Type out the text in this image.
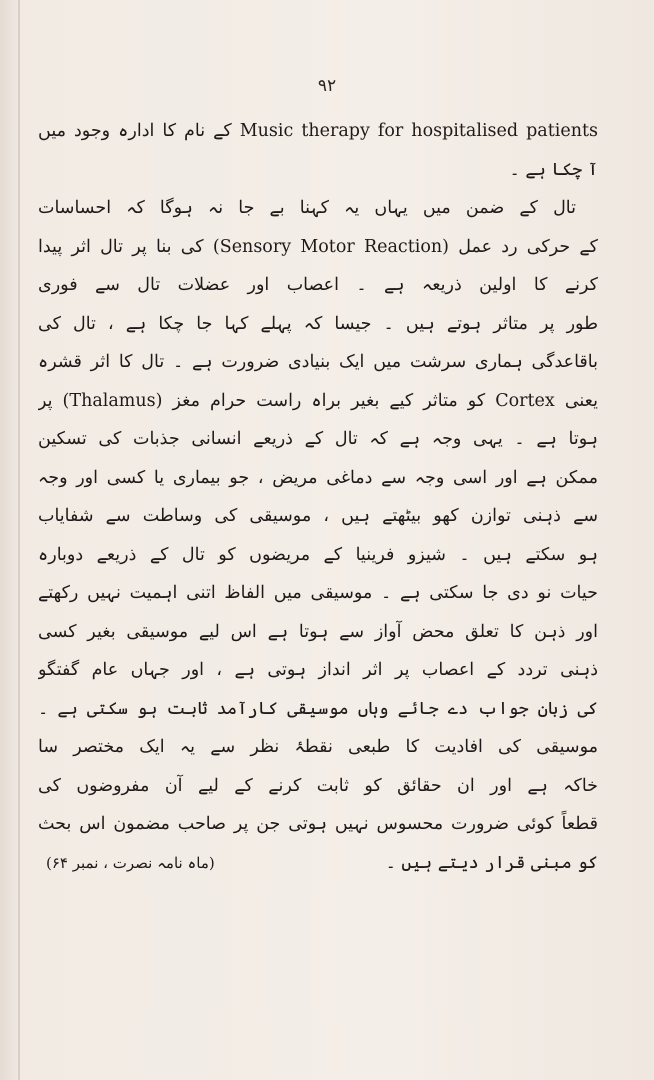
۹۲
Music therapy for hospitalised patients کے نام کا ادارہ وجود میں
آ چکا ہے ۔
تال کے ضمن میں یہاں یہ کہنا بے جا نہ ہوگا کہ احساسات
کے حرکی رد عمل (Sensory Motor Reaction) کی بنا پر تال اثر پیدا
کرنے کا اولین ذریعہ ہے ۔ اعصاب اور عضلات تال سے فوری
طور پر متاثر ہوتے ہیں ۔ جیسا کہ پہلے کہا جا چکا ہے ، تال کی
باقاعدگی ہماری سرشت میں ایک بنیادی ضرورت ہے ۔ تال کا اثر قشرہ
یعنی Cortex کو متاثر کیے بغیر براہ راست حرام مغز (Thalamus) پر
ہوتا ہے ۔ یہی وجہ ہے کہ تال کے ذریعے انسانی جذبات کی تسکین
ممکن ہے اور اسی وجہ سے دماغی مریض ، جو بیماری یا کسی اور وجہ
سے ذہنی توازن کھو بیٹھتے ہیں ، موسیقی کی وساطت سے شفایاب
ہو سکتے ہیں ۔ شیزو فرینیا کے مریضوں کو تال کے ذریعے دوبارہ
حیات نو دی جا سکتی ہے ۔ موسیقی میں الفاظ اتنی اہمیت نہیں رکھتے
اور ذہن کا تعلق محض آواز سے ہوتا ہے اس لیے موسیقی بغیر کسی
ذہنی تردد کے اعصاب پر اثر انداز ہوتی ہے ، اور جہاں عام گفتگو
کی زبان جواب دے جائے وہاں موسیقی کارآمد ثابت ہو سکتی ہے ۔
موسیقی کی افادیت کا طبعی نقطۂ نظر سے یہ ایک مختصر سا
خاکہ ہے اور ان حقائق کو ثابت کرنے کے لیے آن مفروضوں کی
قطعاً کوئی ضرورت محسوس نہیں ہوتی جن پر صاحب مضمون اس بحث
کو مبنی قرار دیتے ہیں ۔
(ماہ نامہ نصرت ، نمبر ۶۴)
